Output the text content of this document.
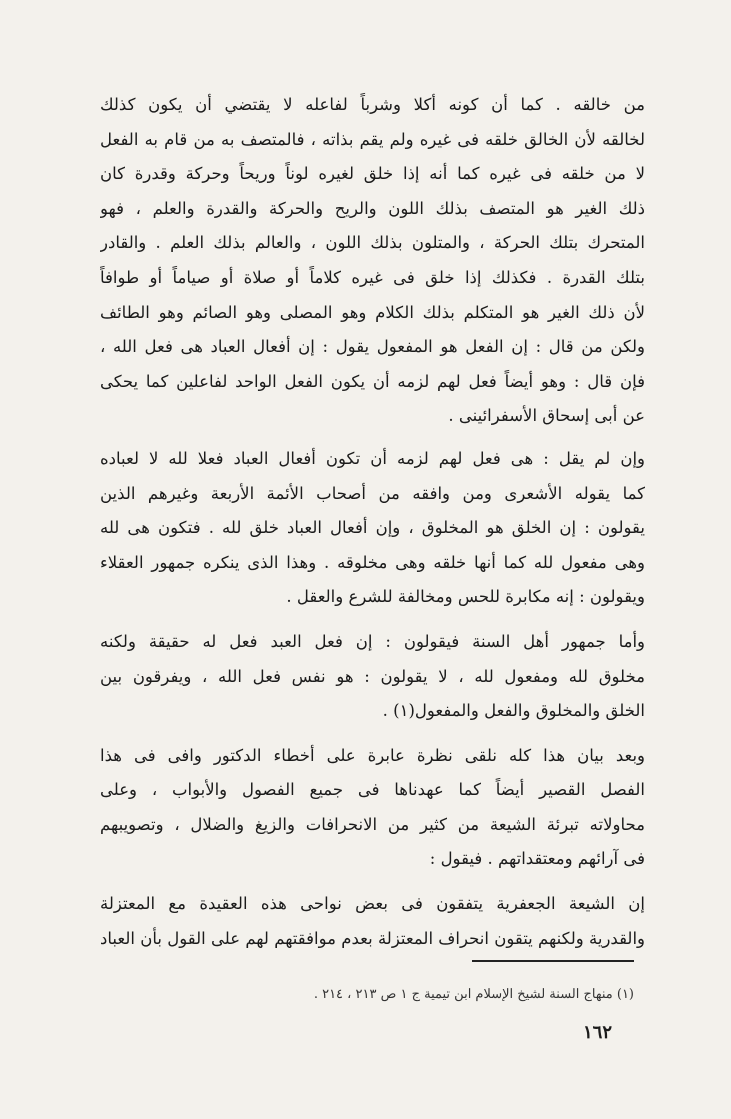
من خالقه . كما أن كونه أكلا وشرباً لفاعله لا يقتضي أن يكون كذلك
لخالقه لأن الخالق خلقه فى غيره ولم يقم بذاته ، فالمتصف به من قام به الفعل
لا من خلقه فى غيره كما أنه إذا خلق لغيره لوناً وريحاً وحركة وقدرة كان
ذلك الغير هو المتصف بذلك اللون والريح والحركة والقدرة والعلم ، فهو
المتحرك بتلك الحركة ، والمتلون بذلك اللون ، والعالم بذلك العلم . والقادر
بتلك القدرة . فكذلك إذا خلق فى غيره كلاماً أو صلاة أو صياماً أو طوافاً
لأن ذلك الغير هو المتكلم بذلك الكلام وهو المصلى وهو الصائم وهو الطائف
ولكن من قال : إن الفعل هو المفعول يقول : إن أفعال العباد هى فعل الله ،
فإن قال : وهو أيضاً فعل لهم لزمه أن يكون الفعل الواحد لفاعلين كما يحكى
عن أبى إسحاق الأسفرائينى .

وإن لم يقل : هى فعل لهم لزمه أن تكون أفعال العباد فعلا لله لا لعباده
كما يقوله الأشعرى ومن وافقه من أصحاب الأئمة الأربعة وغيرهم الذين
يقولون : إن الخلق هو المخلوق ، وإن أفعال العباد خلق لله . فتكون هى لله
وهى مفعول لله كما أنها خلقه وهى مخلوقه . وهذا الذى ينكره جمهور العقلاء
ويقولون : إنه مكابرة للحس ومخالفة للشرع والعقل .

وأما جمهور أهل السنة فيقولون : إن فعل العبد فعل له حقيقة ولكنه
مخلوق لله ومفعول لله ، لا يقولون : هو نفس فعل الله ، ويفرقون بين
الخلق والمخلوق والفعل والمفعول(١) .

وبعد بيان هذا كله نلقى نظرة عابرة على أخطاء الدكتور وافى فى هذا
الفصل القصير أيضاً كما عهدناها فى جميع الفصول والأبواب ، وعلى
محاولاته تبرئة الشيعة من كثير من الانحرافات والزيغ والضلال ، وتصويبهم
فى آرائهم ومعتقداتهم . فيقول :

إن الشيعة الجعفرية يتفقون فى بعض نواحى هذه العقيدة مع المعتزلة
والقدرية ولكنهم يتقون انحراف المعتزلة بعدم موافقتهم لهم على القول بأن العباد

(١) منهاج السنة لشيخ الإسلام ابن تيمية ج ١ ص ٢١٣ ، ٢١٤ .
١٦٢
